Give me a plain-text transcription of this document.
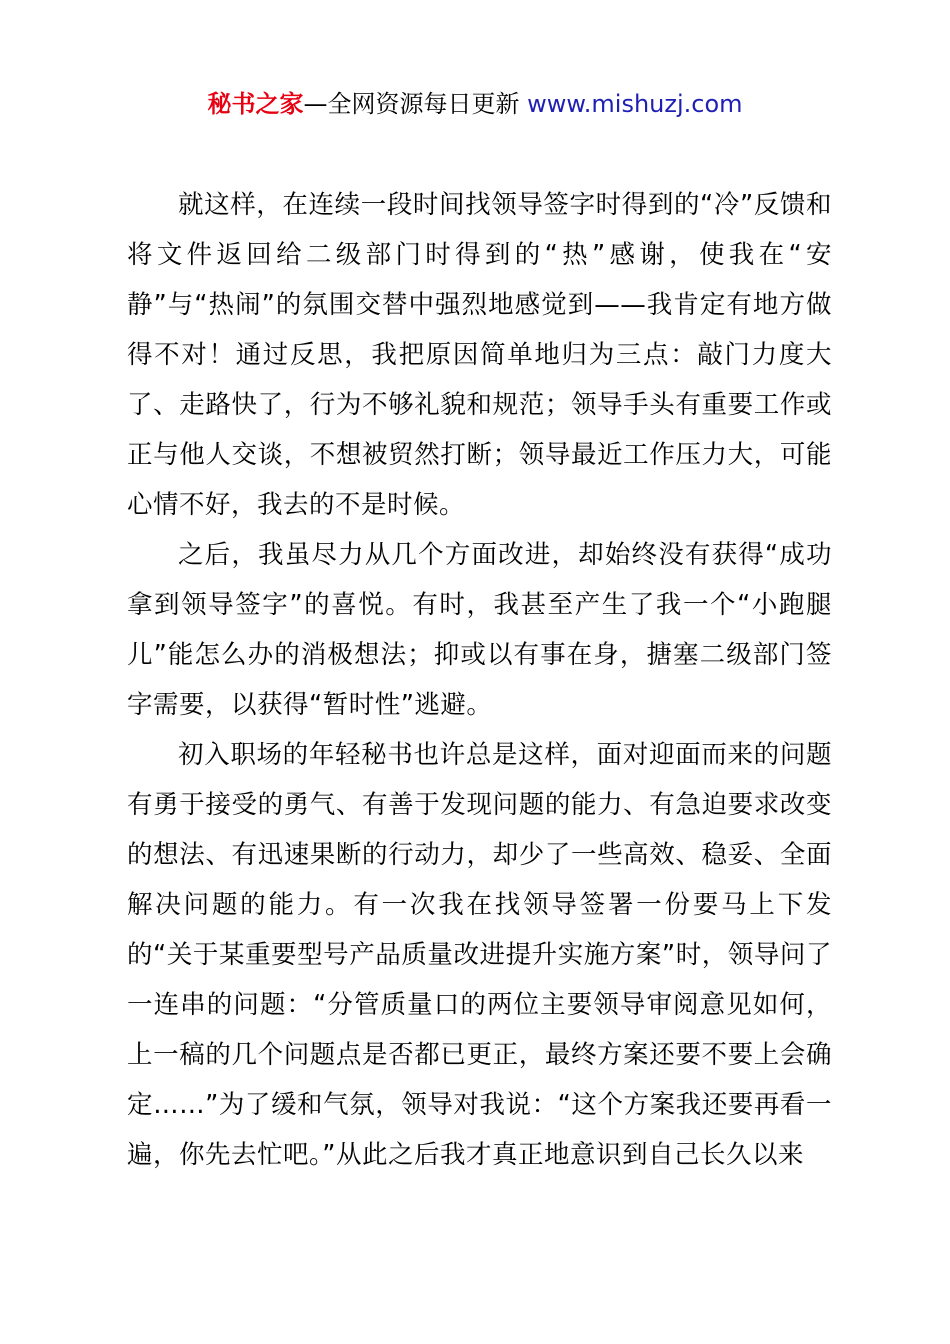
秘书之家—全网资源每日更新 www.mishuzj.com

就这样，在连续一段时间找领导签字时得到的“冷”反馈和将文件返回给二级部门时得到的“热”感谢，使我在“安静”与“热闹”的氛围交替中强烈地感觉到——我肯定有地方做得不对！通过反思，我把原因简单地归为三点：敲门力度大了、走路快了，行为不够礼貌和规范；领导手头有重要工作或正与他人交谈，不想被贸然打断；领导最近工作压力大，可能心情不好，我去的不是时候。

之后，我虽尽力从几个方面改进，却始终没有获得“成功拿到领导签字”的喜悦。有时，我甚至产生了我一个“小跑腿儿”能怎么办的消极想法；抑或以有事在身，搪塞二级部门签字需要，以获得“暂时性”逃避。

初入职场的年轻秘书也许总是这样，面对迎面而来的问题有勇于接受的勇气、有善于发现问题的能力、有急迫要求改变的想法、有迅速果断的行动力，却少了一些高效、稳妥、全面解决问题的能力。有一次我在找领导签署一份要马上下发的“关于某重要型号产品质量改进提升实施方案”时，领导问了一连串的问题：“分管质量口的两位主要领导审阅意见如何，上一稿的几个问题点是否都已更正，最终方案还要不要上会确定……”为了缓和气氛，领导对我说：“这个方案我还要再看一遍，你先去忙吧。”从此之后我才真正地意识到自己长久以来
